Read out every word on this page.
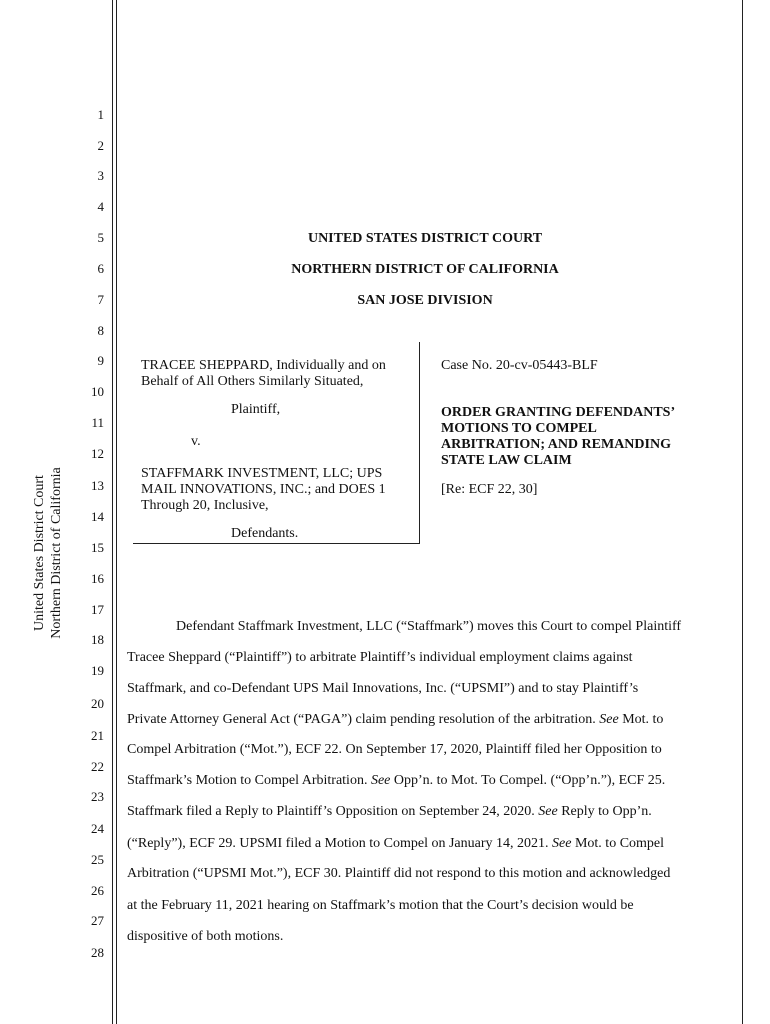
United States District Court Northern District of California
1
2
3
4
5
6
7
8
9
10
11
12
13
14
15
16
17
18
19
20
21
22
23
24
25
26
27
28
UNITED STATES DISTRICT COURT
NORTHERN DISTRICT OF CALIFORNIA
SAN JOSE DIVISION
TRACEE SHEPPARD, Individually and on
Behalf of All Others Similarly Situated,
Plaintiff,
v.
STAFFMARK INVESTMENT, LLC; UPS
MAIL INNOVATIONS, INC.; and DOES 1
Through 20, Inclusive,
Defendants.
Case No. 20-cv-05443-BLF
ORDER GRANTING DEFENDANTS’
MOTIONS TO COMPEL
ARBITRATION; AND REMANDING
STATE LAW CLAIM
[Re: ECF 22, 30]
Defendant Staffmark Investment, LLC (“Staffmark”) moves this Court to compel Plaintiff
Tracee Sheppard (“Plaintiff”) to arbitrate Plaintiff’s individual employment claims against
Staffmark, and co-Defendant UPS Mail Innovations, Inc. (“UPSMI”) and to stay Plaintiff’s
Private Attorney General Act (“PAGA”) claim pending resolution of the arbitration. See Mot. to
Compel Arbitration (“Mot.”), ECF 22. On September 17, 2020, Plaintiff filed her Opposition to
Staffmark’s Motion to Compel Arbitration. See Opp’n. to Mot. To Compel. (“Opp’n.”), ECF 25.
Staffmark filed a Reply to Plaintiff’s Opposition on September 24, 2020. See Reply to Opp’n.
(“Reply”), ECF 29. UPSMI filed a Motion to Compel on January 14, 2021. See Mot. to Compel
Arbitration (“UPSMI Mot.”), ECF 30. Plaintiff did not respond to this motion and acknowledged
at the February 11, 2021 hearing on Staffmark’s motion that the Court’s decision would be
dispositive of both motions.
